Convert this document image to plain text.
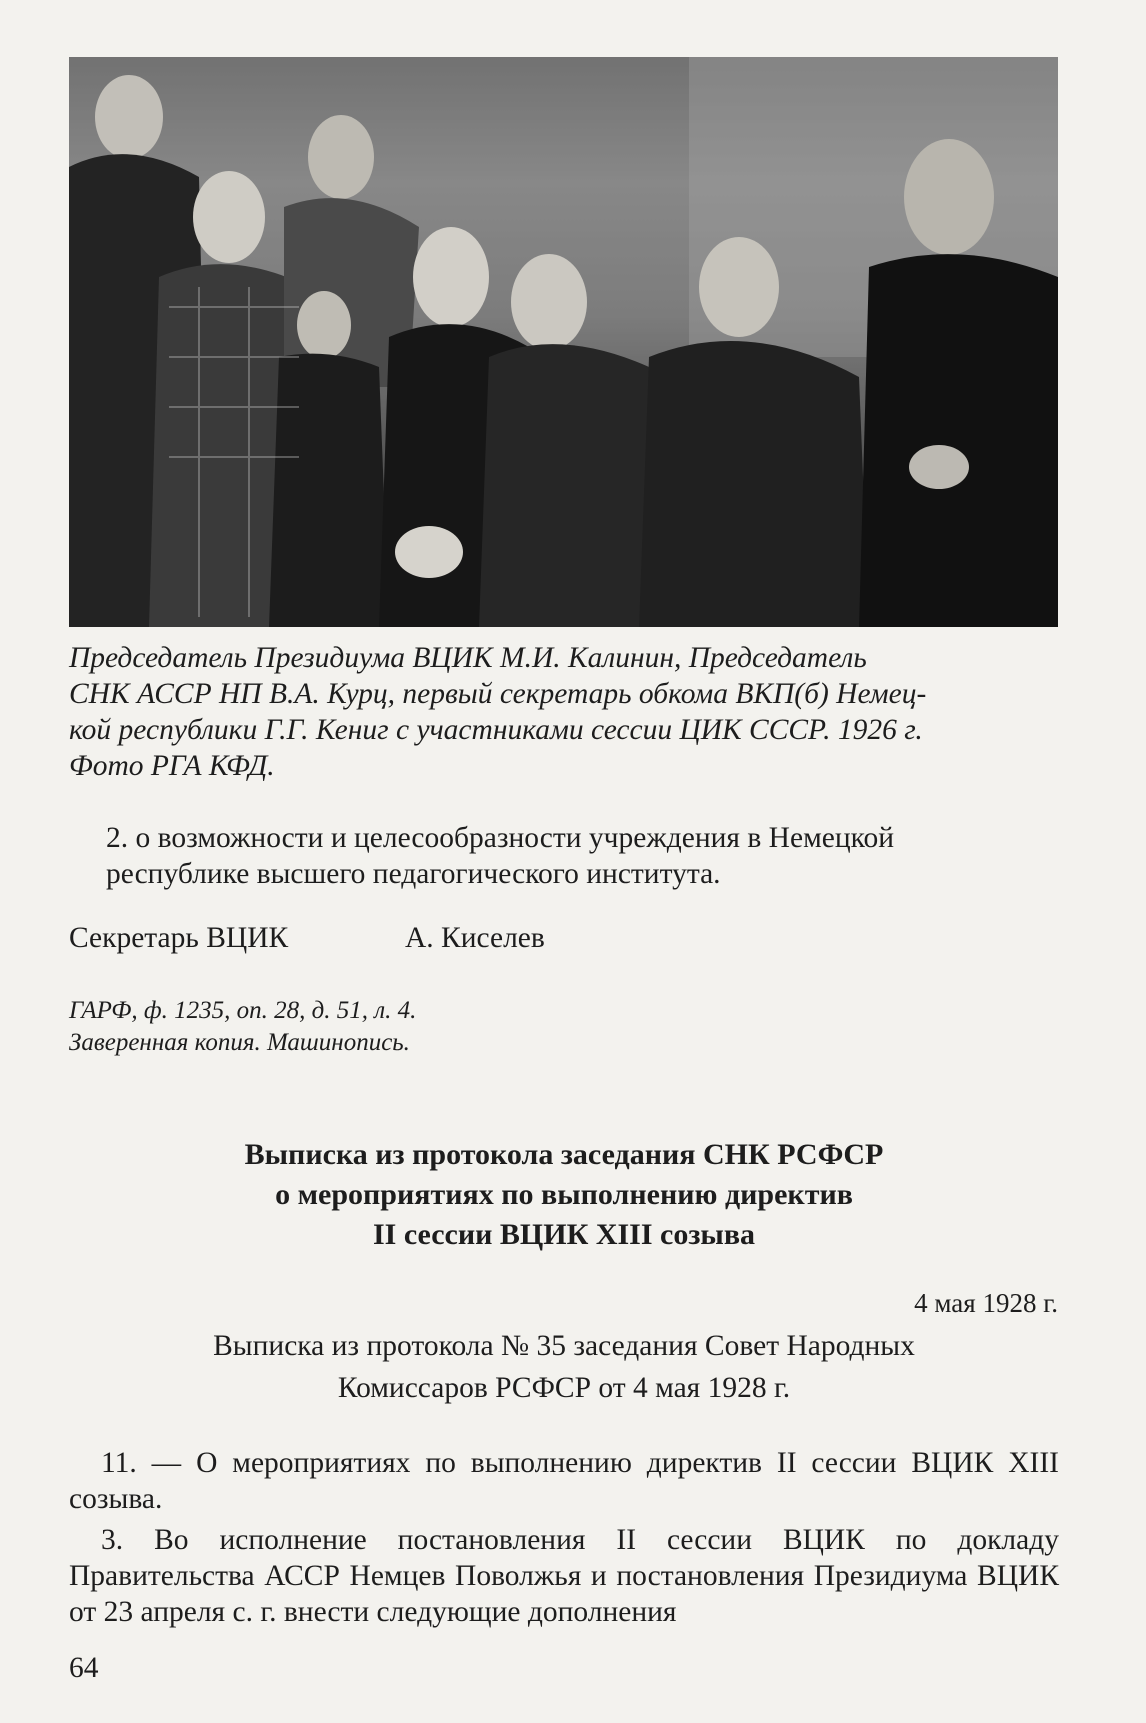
Председатель Президиума ВЦИК М.И. Калинин, Председатель
СНК АССР НП В.А. Курц, первый секретарь обкома ВКП(б) Немец-
кой республики Г.Г. Кениг с участниками сессии ЦИК СССР. 1926 г.
Фото РГА КФД.
2. о возможности и целесообразности учреждения в Немецкой
республике высшего педагогического института.
Секретарь ВЦИК	А. Киселев
ГАРФ, ф. 1235, оп. 28, д. 51, л. 4.
Заверенная копия. Машинопись.
Выписка из протокола заседания СНК РСФСР
о мероприятиях по выполнению директив
II сессии ВЦИК XIII созыва
4 мая 1928 г.
Выписка из протокола № 35 заседания Совет Народных
Комиссаров РСФСР от 4 мая 1928 г.

11. — О мероприятиях по выполнению директив II сессии ВЦИК XIII созыва.

3. Во исполнение постановления II сессии ВЦИК по докладу Правительства АССР Немцев Поволжья и постановления Президиума ВЦИК от 23 апреля с. г. внести следующие дополнения

64
